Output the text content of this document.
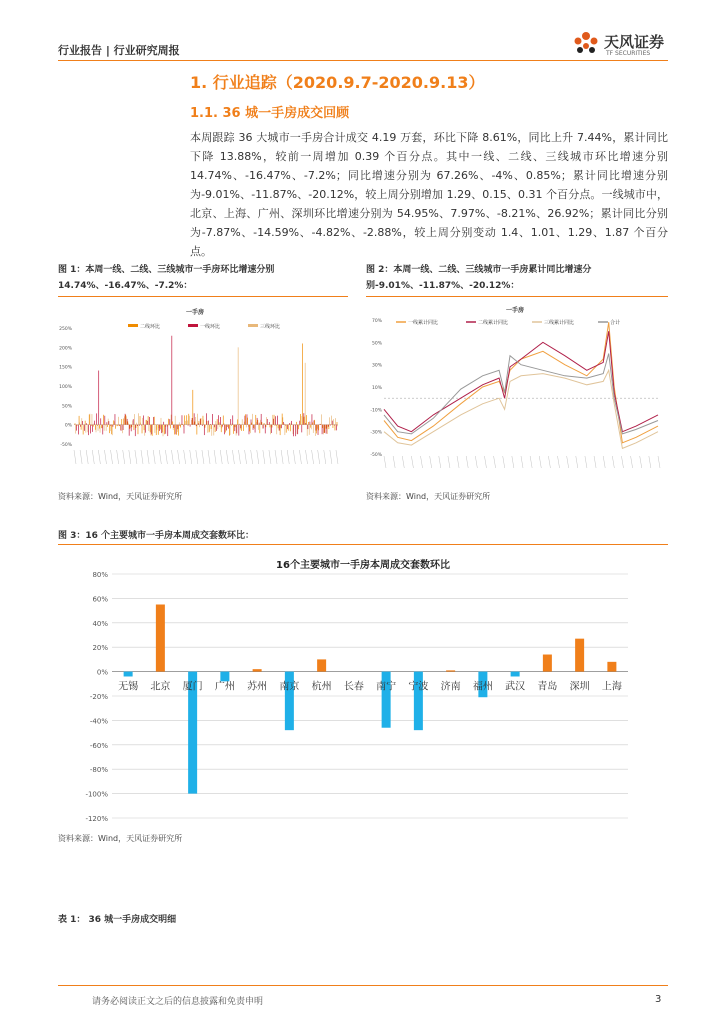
行业报告 | 行业研究周报	天风证券
TF SECURITIES
1. 行业追踪（2020.9.7-2020.9.13）
1.1. 36 城一手房成交回顾
本周跟踪 36 大城市一手房合计成交 4.19 万套，环比下降 8.61%，同比上升 7.44%，累计同比下降 13.88%，较前一周增加 0.39 个百分点。其中一线、二线、三线城市环比增速分别 14.74%、-16.47%、-7.2%；同比增速分别为 67.26%、-4%、0.85%；累计同比增速分别为-9.01%、-11.87%、-20.12%，较上周分别增加 1.29、0.15、0.31 个百分点。一线城市中，北京、上海、广州、深圳环比增速分别为 54.95%、7.97%、-8.21%、26.92%；累计同比分别为-7.87%、-14.59%、-4.82%、-2.88%，较上周分别变动 1.4、1.01、1.29、1.87 个百分点。
图 1：本周一线、二线、三线城市一手房环比增速分别 14.74%、-16.47%、-7.2%：
250%
200%
150%
100%
50%
0%
-50%
一手房
二线环比	一线环比	三线环比
资料来源：Wind，天风证券研究所
图 2：本周一线、二线、三线城市一手房累计同比增速分别-9.01%、-11.87%、-20.12%：
70%
50%
30%
10%
-10%
-30%
-50%
一手房
一线累计同比	二线累计同比	三线累计同比	合计
资料来源：Wind，天风证券研究所
图 3：16 个主要城市一手房本周成交套数环比：
16个主要城市一手房本周成交套数环比
80%
60%
40%
20%
0%
-20%
-40%
-60%
-80%
-100%
-120%
无锡 北京 厦门 广州 苏州 南京 杭州 长春 南宁 宁波 济南 福州 武汉 青岛 深圳 上海
资料来源：Wind，天风证券研究所
表 1： 36 城一手房成交明细
请务必阅读正文之后的信息披露和免责申明	3
